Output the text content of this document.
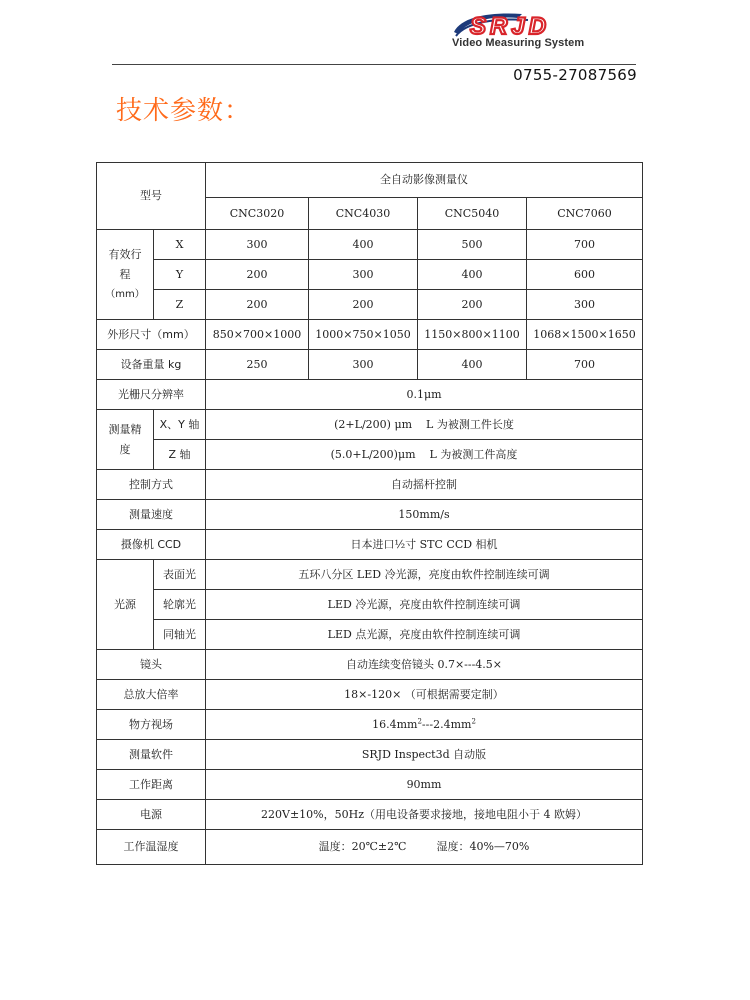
SRJD
Video Measuring System
0755-27087569
技术参数：
型号		全自动影像测量仪			
		CNC3020	CNC4030	CNC5040	CNC7060

有效行
程
（mm）	X	300	400	500	700
	Y	200	300	400	600
	Z	200	200	200	300
外形尺寸（mm）		850×700×1000	1000×750×1050	1150×800×1100	1068×1500×1650
设备重量 kg		250	300	400	700
光栅尺分辨率		0.1μm			

测量精
度	X、Y 轴	(2+L/200) μm L 为被测工件长度			
	Z 轴	(5.0+L/200)μm L 为被测工件高度			
控制方式		自动摇杆控制			
测量速度		150mm/s			
摄像机 CCD		日本进口½寸 STC CCD 相机			
光源	表面光	五环八分区 LED 冷光源，亮度由软件控制连续可调			
	轮廓光	LED 冷光源，亮度由软件控制连续可调			
	同轴光	LED 点光源，亮度由软件控制连续可调			
镜头		自动连续变倍镜头 0.7×---4.5×			
总放大倍率		18×-120× （可根据需要定制）			
物方视场		$16.4mm^2---2.4mm^2$
测量软件		SRJD Inspect3d 自动版			
工作距离		90mm			
电源		220V±10%，50Hz（用电设备要求接地，接地电阻小于 4 欧姆）			
工作温湿度		温度：20℃±2℃ 湿度：40%—70%			
